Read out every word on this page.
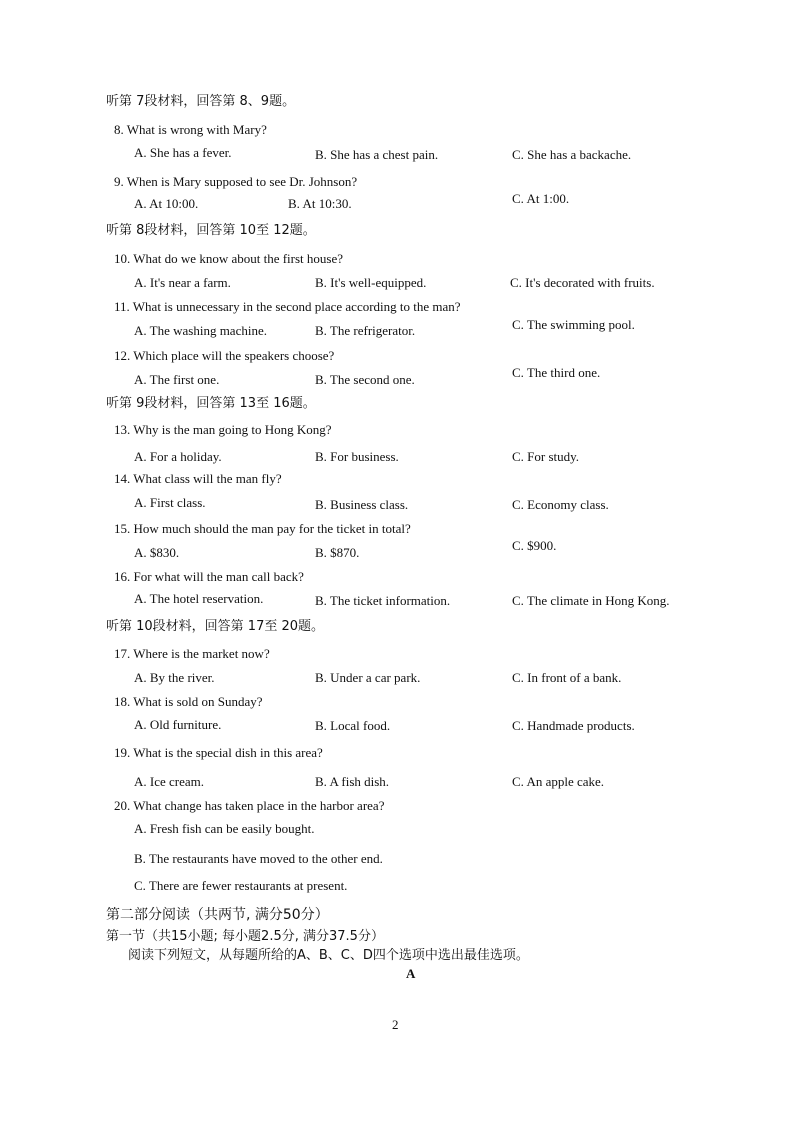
听第 7段材料，回答第 8、9题。
8. What is wrong with Mary?
A. She has a fever.	B. She has a chest pain.	C. She has a backache.
9. When is Mary supposed to see Dr. Johnson?
A. At 10:00.	B. At 10:30.	C. At 1:00.
听第 8段材料，回答第 10至 12题。
10. What do we know about the first house?
A. It's near a farm.	B. It's well-equipped.	C. It's decorated with fruits.
11. What is unnecessary in the second place according to the man?
A. The washing machine.	B. The refrigerator.	C. The swimming pool.
12. Which place will the speakers choose?
A. The first one.	B. The second one.	C. The third one.
听第 9段材料，回答第 13至 16题。
13. Why is the man going to Hong Kong?
A. For a holiday.	B. For business.	C. For study.
14. What class will the man fly?
A. First class.	B. Business class.	C. Economy class.
15. How much should the man pay for the ticket in total?
A. $830.	B. $870.	C. $900.
16. For what will the man call back?
A. The hotel reservation.	B. The ticket information.	C. The climate in Hong Kong.
听第 10段材料，回答第 17至 20题。
17. Where is the market now?
A. By the river.	B. Under a car park.	C. In front of a bank.
18. What is sold on Sunday?
A. Old furniture.	B. Local food.	C. Handmade products.
19. What is the special dish in this area?
A. Ice cream.	B. A fish dish.	C. An apple cake.
20. What change has taken place in the harbor area?
A. Fresh fish can be easily bought.
B. The restaurants have moved to the other end.
C. There are fewer restaurants at present.
第二部分阅读（共两节, 满分50分）
第一节（共15小题; 每小题2.5分, 满分37.5分）
阅读下列短文，从每题所给的A、B、C、D四个选项中选出最佳选项。
A
2
